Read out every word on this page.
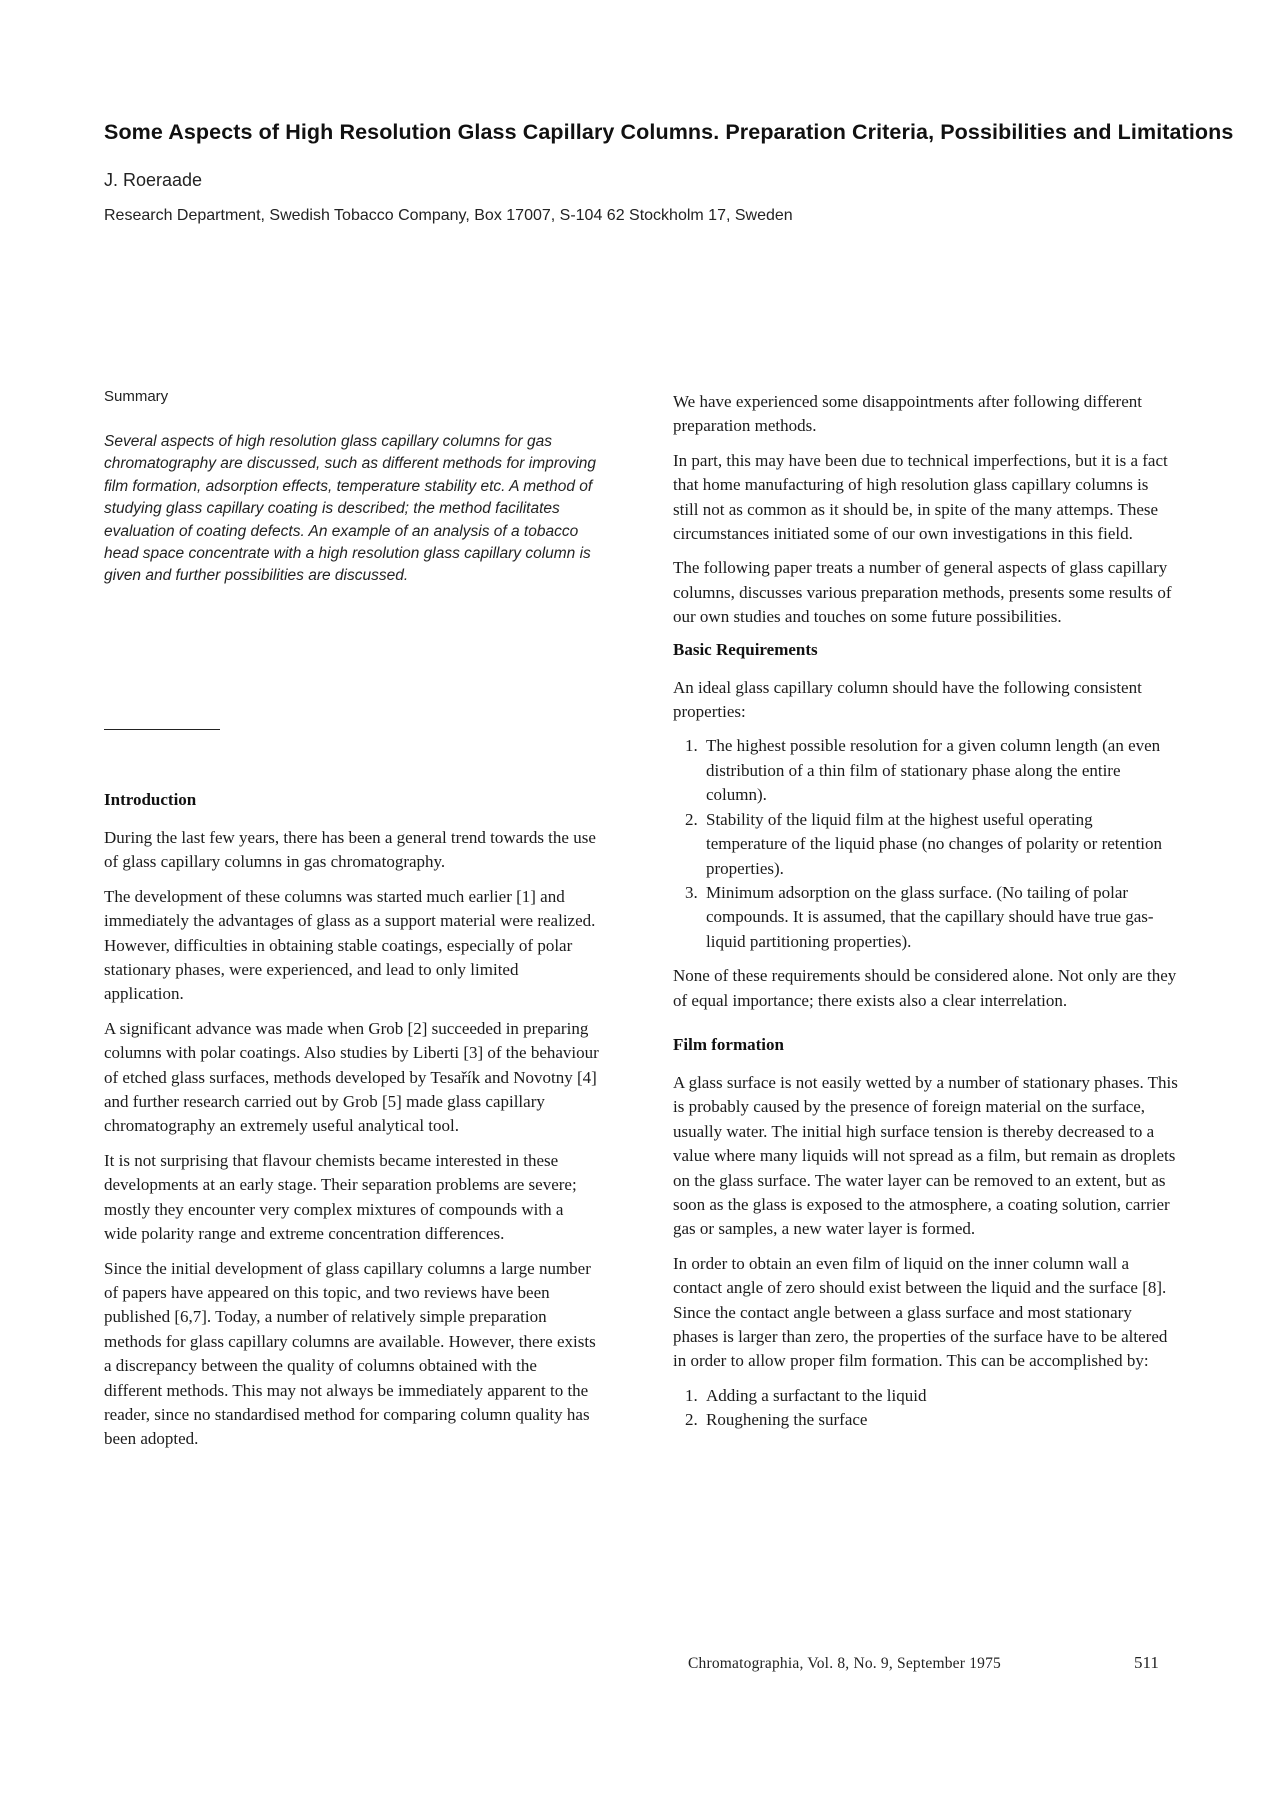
Some Aspects of High Resolution Glass Capillary Columns. Preparation Criteria, Possibilities and Limitations
J. Roeraade
Research Department, Swedish Tobacco Company, Box 17007, S-104 62 Stockholm 17, Sweden
Summary

Several aspects of high resolution glass capillary columns for gas chromatography are discussed, such as different methods for improving film formation, adsorption effects, temperature stability etc. A method of studying glass capillary coating is described; the method facilitates evaluation of coating defects. An example of an analysis of a tobacco head space concentrate with a high resolution glass capillary column is given and further possibilities are discussed.

Introduction

During the last few years, there has been a general trend towards the use of glass capillary columns in gas chromatography.

The development of these columns was started much earlier [1] and immediately the advantages of glass as a support material were realized. However, difficulties in obtaining stable coatings, especially of polar stationary phases, were experienced, and lead to only limited application.

A significant advance was made when Grob [2] succeeded in preparing columns with polar coatings. Also studies by Liberti [3] of the behaviour of etched glass surfaces, methods developed by Tesařík and Novotny [4] and further research carried out by Grob [5] made glass capillary chromatography an extremely useful analytical tool.

It is not surprising that flavour chemists became interested in these developments at an early stage. Their separation problems are severe; mostly they encounter very complex mixtures of compounds with a wide polarity range and extreme concentration differences.

Since the initial development of glass capillary columns a large number of papers have appeared on this topic, and two reviews have been published [6,7]. Today, a number of relatively simple preparation methods for glass capillary columns are available. However, there exists a discrepancy between the quality of columns obtained with the different methods. This may not always be immediately apparent to the reader, since no standardised method for comparing column quality has been adopted.

We have experienced some disappointments after following different preparation methods.

In part, this may have been due to technical imperfections, but it is a fact that home manufacturing of high resolution glass capillary columns is still not as common as it should be, in spite of the many attemps. These circumstances initiated some of our own investigations in this field.

The following paper treats a number of general aspects of glass capillary columns, discusses various preparation methods, presents some results of our own studies and touches on some future possibilities.

Basic Requirements

An ideal glass capillary column should have the following consistent properties:

1. The highest possible resolution for a given column length (an even distribution of a thin film of stationary phase along the entire column).
2. Stability of the liquid film at the highest useful operating temperature of the liquid phase (no changes of polarity or retention properties).
3. Minimum adsorption on the glass surface. (No tailing of polar compounds. It is assumed, that the capillary should have true gas-liquid partitioning properties).

None of these requirements should be considered alone. Not only are they of equal importance; there exists also a clear interrelation.

Film formation

A glass surface is not easily wetted by a number of stationary phases. This is probably caused by the presence of foreign material on the surface, usually water. The initial high surface tension is thereby decreased to a value where many liquids will not spread as a film, but remain as droplets on the glass surface. The water layer can be removed to an extent, but as soon as the glass is exposed to the atmosphere, a coating solution, carrier gas or samples, a new water layer is formed.

In order to obtain an even film of liquid on the inner column wall a contact angle of zero should exist between the liquid and the surface [8]. Since the contact angle between a glass surface and most stationary phases is larger than zero, the properties of the surface have to be altered in order to allow proper film formation. This can be accomplished by:

1. Adding a surfactant to the liquid
2. Roughening the surface
Chromatographia, Vol. 8, No. 9, September 1975	511
